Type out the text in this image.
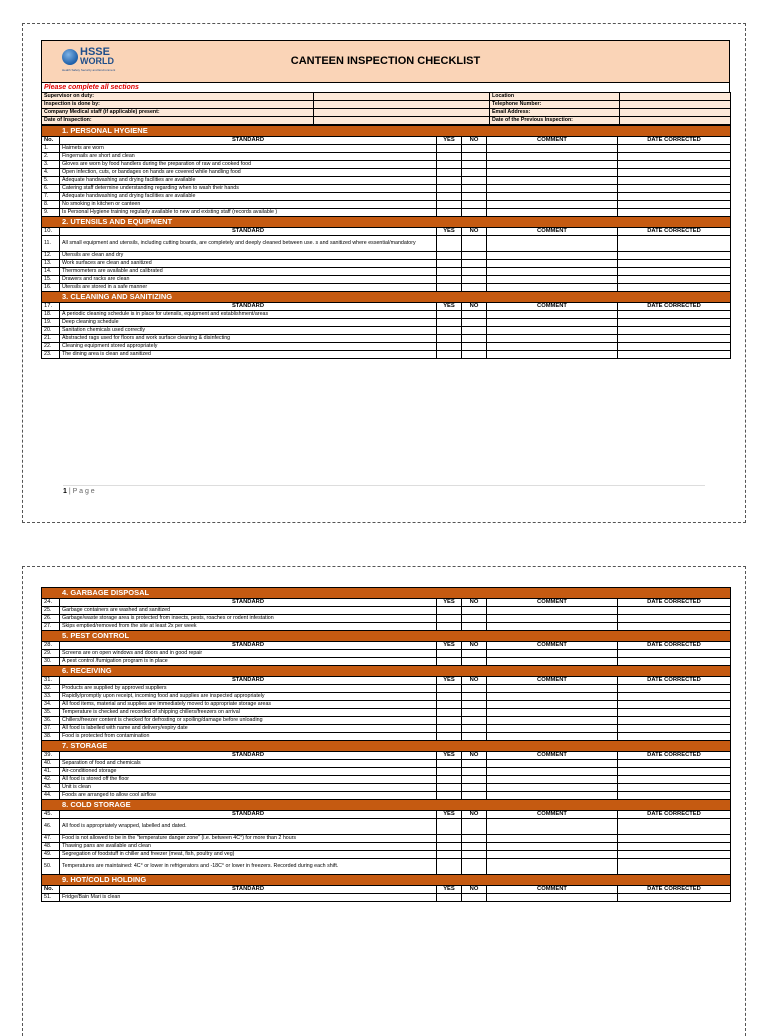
HSSE
WORLD
Health Safety Security and Environment
CANTEEN INSPECTION CHECKLIST
Please complete all sections
Supervisor on duty:		Location	
Inspection is done by:		Telephone Number:	
Company Medical staff (if applicable) present:		Email Address:	
Date of Inspection:		Date of the Previous Inspection:	
1. PERSONAL HYGIENE					
No.	STANDARD	YES	NO	COMMENT	DATE CORRECTED
1.	Hairnets are worn				
2.	Fingernails are short and clean				
3.	Gloves are worn by food handlers during the preparation of raw and cooked food				
4.	Open infection, cuts, or bandages on hands are covered while handling food				
5.	Adequate handwashing and drying facilities are available				
6.	Catering staff determine understanding regarding when to wash their hands				
7.	Adequate handwashing and drying facilities are available				
8.	No smoking in kitchen or canteen				
9.	Is Personal Hygiene training regularly available to new and existing staff (records available )				
2. UTENSILS AND EQUIPMENT					
10.	STANDARD	YES	NO	COMMENT	DATE CORRECTED
11.	All small equipment and utensils, including cutting boards, are completely and deeply cleaned between use. s and sanitized where essential/mandatory				
12.	Utensils are clean and dry				
13.	Work surfaces are clean and sanitized				
14.	Thermometers are available and calibrated				
15.	Drawers and racks are clean				
16.	Utensils are stored in a safe manner				
3. CLEANING AND SANITIZING					
17.	STANDARD	YES	NO	COMMENT	DATE CORRECTED
18.	A periodic cleaning schedule is in place for utensils, equipment and establishment/areas				
19.	Deep cleaning schedule				
20.	Sanitation chemicals used correctly				
21.	Abstracted rags used for floors and work surface cleaning & disinfecting				
22.	Cleaning equipment stored appropriately				
23.	The dining area is clean and sanitized				
1 | P a g e
4. GARBAGE DISPOSAL					
24.	STANDARD	YES	NO	COMMENT	DATE CORRECTED
25.	Garbage containers are washed and sanitized				
26.	Garbage/waste storage area is protected from insects, pests, roaches or rodent infestation				
27.	Skips emptied/removed from the site at least 2x per week				
5. PEST CONTROL					
28.	STANDARD	YES	NO	COMMENT	DATE CORRECTED
29.	Screens are on open windows and doors and in good repair				
30.	A pest control /fumigation program is in place				
6. RECEIVING					
31.	STANDARD	YES	NO	COMMENT	DATE CORRECTED
32.	Products are supplied by approved suppliers				
33.	Rapidly/promptly upon receipt, incoming food and supplies are inspected appropriately				
34.	All food items, material and supplies are immediately moved to appropriate storage areas				
35.	Temperature is checked and recorded of shipping chillers/freezers on arrival				
36.	Chillers/freezer content is checked for defrosting or spoiling/damage before unloading				
37.	All food is labelled with name and delivery/expiry date				
38.	Food is protected from contamination				
7. STORAGE					
39.	STANDARD	YES	NO	COMMENT	DATE CORRECTED
40.	Separation of food and chemicals				
41.	Air-conditioned storage				
42.	All food is stored off the floor				
43.	Unit is clean				
44.	Foods are arranged to allow cool airflow				
8. COLD STORAGE					
45.	STANDARD	YES	NO	COMMENT	DATE CORRECTED
46.	All food is appropriately wrapped, labelled and dated.				
47.	Food is not allowed to be in the "temperature danger zone" (i.e. between 4C°) for more than 2 hours				
48.	Thawing pans are available and clean				
49.	Segregation of foodstuff in chiller and freezer (meat, fish, poultry and veg)				
50.	Temperatures are maintained: 4C° or lower in refrigerators and -18C° or lower in freezers. Recorded during each shift.				
9. HOT/COLD HOLDING					
No.	STANDARD	YES	NO	COMMENT	DATE CORRECTED
51.	Fridge/Bain Mari is clean				
